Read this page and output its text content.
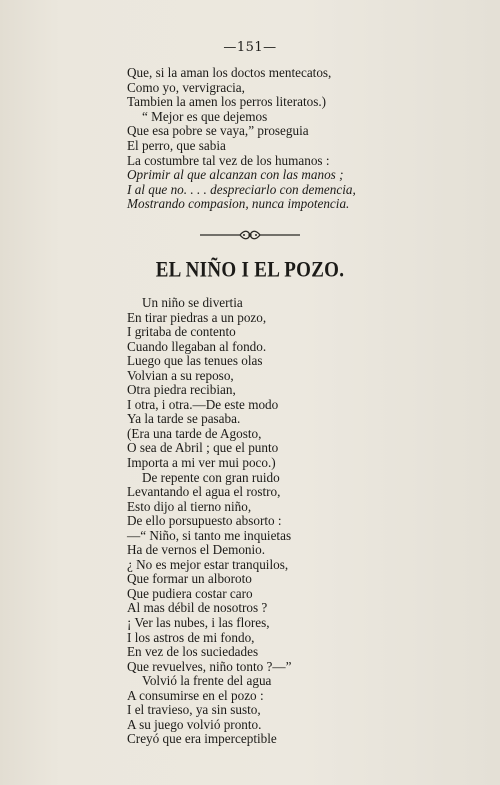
—151—
Que, si la aman los doctos mentecatos,
Como yo, vervigracia,
Tambien la amen los perros literatos.)
“ Mejor es que dejemos
Que esa pobre se vaya,” proseguia
El perro, que sabia
La costumbre tal vez de los humanos :
Oprimir al que alcanzan con las manos ;
I al que no. . . . despreciarlo con demencia,
Mostrando compasion, nunca impotencia.
EL NIÑO I EL POZO.
Un niño se divertia
En tirar piedras a un pozo,
I gritaba de contento
Cuando llegaban al fondo.
Luego que las tenues olas
Volvian a su reposo,
Otra piedra recibian,
I otra, i otra.—De este modo
Ya la tarde se pasaba.
(Era una tarde de Agosto,
O sea de Abril ; que el punto
Importa a mi ver mui poco.)
De repente con gran ruido
Levantando el agua el rostro,
Esto dijo al tierno niño,
De ello porsupuesto absorto :
—“ Niño, si tanto me inquietas
Ha de vernos el Demonio.
¿ No es mejor estar tranquilos,
Que formar un alboroto
Que pudiera costar caro
Al mas débil de nosotros ?
¡ Ver las nubes, i las flores,
I los astros de mi fondo,
En vez de los suciedades
Que revuelves, niño tonto ?—”
Volvió la frente del agua
A consumirse en el pozo :
I el travieso, ya sin susto,
A su juego volvió pronto.
Creyó que era imperceptible
